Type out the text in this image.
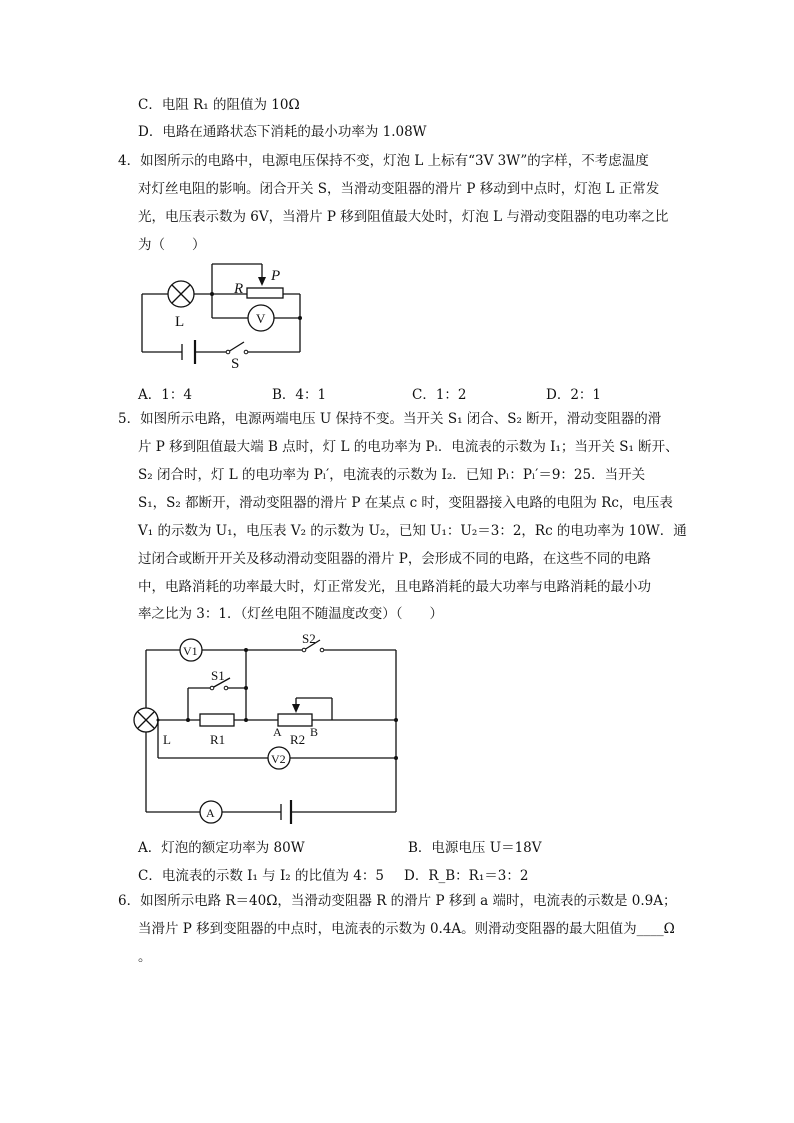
C．电阻 R₁ 的阻值为 10Ω
D．电路在通路状态下消耗的最小功率为 1.08W
4．如图所示的电路中，电源电压保持不变，灯泡 L 上标有“3V 3W”的字样，不考虑温度
对灯丝电阻的影响。闭合开关 S，当滑动变阻器的滑片 P 移动到中点时，灯泡 L 正常发
光，电压表示数为 6V，当滑片 P 移到阻值最大处时，灯泡 L 与滑动变阻器的电功率之比
为（　　）
R
P
V
L
S
A．1：4	B．4：1	C．1：2	D．2：1
5．如图所示电路，电源两端电压 U 保持不变。当开关 S₁ 闭合、S₂ 断开，滑动变阻器的滑
片 P 移到阻值最大端 B 点时，灯 L 的电功率为 Pₗ．电流表的示数为 I₁；当开关 S₁ 断开、
S₂ 闭合时，灯 L 的电功率为 Pₗ′，电流表的示数为 I₂．已知 Pₗ：Pₗ′＝9：25．当开关
S₁，S₂ 都断开，滑动变阻器的滑片 P 在某点 c 时，变阻器接入电路的电阻为 Rc，电压表
V₁ 的示数为 U₁，电压表 V₂ 的示数为 U₂，已知 U₁：U₂＝3：2，Rc 的电功率为 10W．通
过闭合或断开开关及移动滑动变阻器的滑片 P，会形成不同的电路，在这些不同的电路
中，电路消耗的功率最大时，灯正常发光，且电路消耗的最大功率与电路消耗的最小功
率之比为 3：1．（灯丝电阻不随温度改变）（　　）
V1
S2
S1
L	R1	A R2 B
V2
A
A．灯泡的额定功率为 80W	B．电源电压 U＝18V
C．电流表的示数 I₁ 与 I₂ 的比值为 4：5 D．R_B：R₁＝3：2
6．如图所示电路 R＝40Ω，当滑动变阻器 R 的滑片 P 移到 a 端时，电流表的示数是 0.9A；
当滑片 P 移到变阻器的中点时，电流表的示数为 0.4A。则滑动变阻器的最大阻值为____Ω
。
